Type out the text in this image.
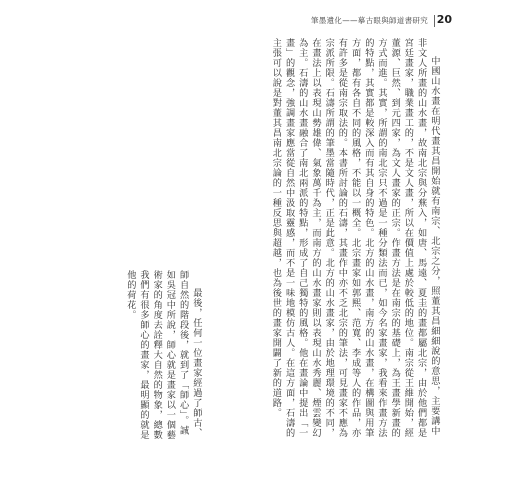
筆墨遺化——摹古眼與師道書研究 20

中國山水畫在明代畫其昌開始就有南宗、北宗之分，照董其昌細細說的意思，主要講中非文人所畫的山水畫，故南北宗與分蕪入，如唐、馬遠、夏圭的畫都屬北宗，由於他們都是宮廷畫家，職業畫工的，不是文人畫，所以在價值上處於較低的地位。南宗從王維開始，經董源、巨然、到元四家，為文人畫家的正宗。作畫方法是在南宗的基礎上，為王畫學新畫的方式而進。其實，所謂的南北宗只不過是一種分類法而已，如今名家畫家，我看來作畫方法的特點，其實都是較深入而有其自身的特色。北方的山水畫，南方的山水畫，在構圖與用筆方面，都有各自不同的風格，不能以一概全。北宗畫家如郭熙、范寬、李成等人的作品，亦有許多是從南宗取法的。本書所討論的石濤，其畫作中亦不乏北宗的筆法，可見畫家不應為宗派所限。石濤所謂的筆墨當隨時代，正是此意。北方的山水畫家，由於地理環境的不同，在畫法上以表現山勢雄偉、氣象萬千為主，而南方的山水畫家則以表現山水秀麗、煙雲變幻為主。石濤的山水畫融合了南北兩派的特點，形成了自己獨特的風格。他在畫論中提出「一畫」的觀念，強調畫家應當從自然中汲取靈感，而不是一味地模仿古人。在這方面，石濤的主張可以說是對董其昌南北宗論的一種反思與超越，也為後世的畫家開闢了新的道路。

最後，任何一位畫家經過了師古、師自然的階段後，就到了「師心」。誠如吳冠中所說，師心就是畫家以一個藝術家的角度去詮釋大自然的物象，總數我們有很多師心的畫家，最明顯的就是他的荷花。
